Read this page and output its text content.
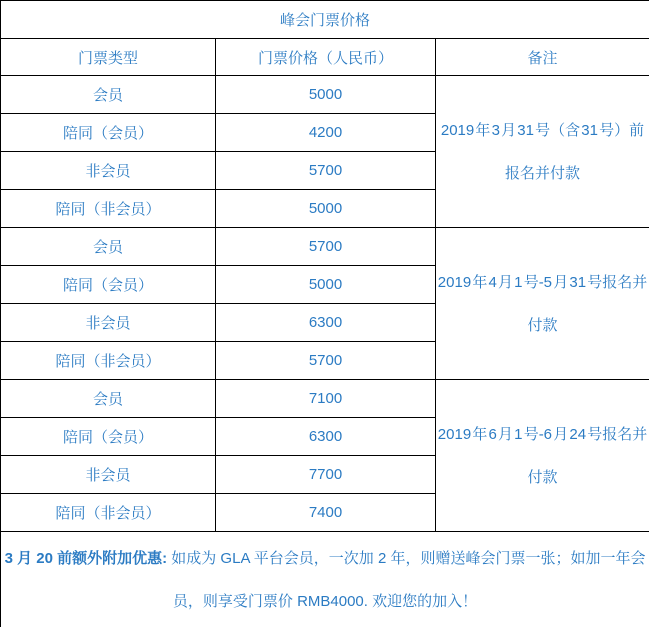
峰会门票价格		
门票类型	门票价格（人民币）	备注
会员	5000	2019 年 3 月 31 号（含 31 号）前报名并付款
陪同（会员）	4200	
非会员	5700	
陪同（非会员）	5000	
会员	5700	2019 年 4 月 1 号-5 月 31 号报名并付款
陪同（会员）	5000	
非会员	6300	
陪同（非会员）	5700	
会员	7100	2019 年 6 月 1 号-6 月 24 号报名并付款
陪同（会员）	6300	
非会员	7700	
陪同（非会员）	7400	
3 月 20 前额外附加优惠: 如成为 GLA 平台会员，一次加 2 年，则赠送峰会门票一张；如加一年会员，则享受门票价 RMB4000. 欢迎您的加入！		
